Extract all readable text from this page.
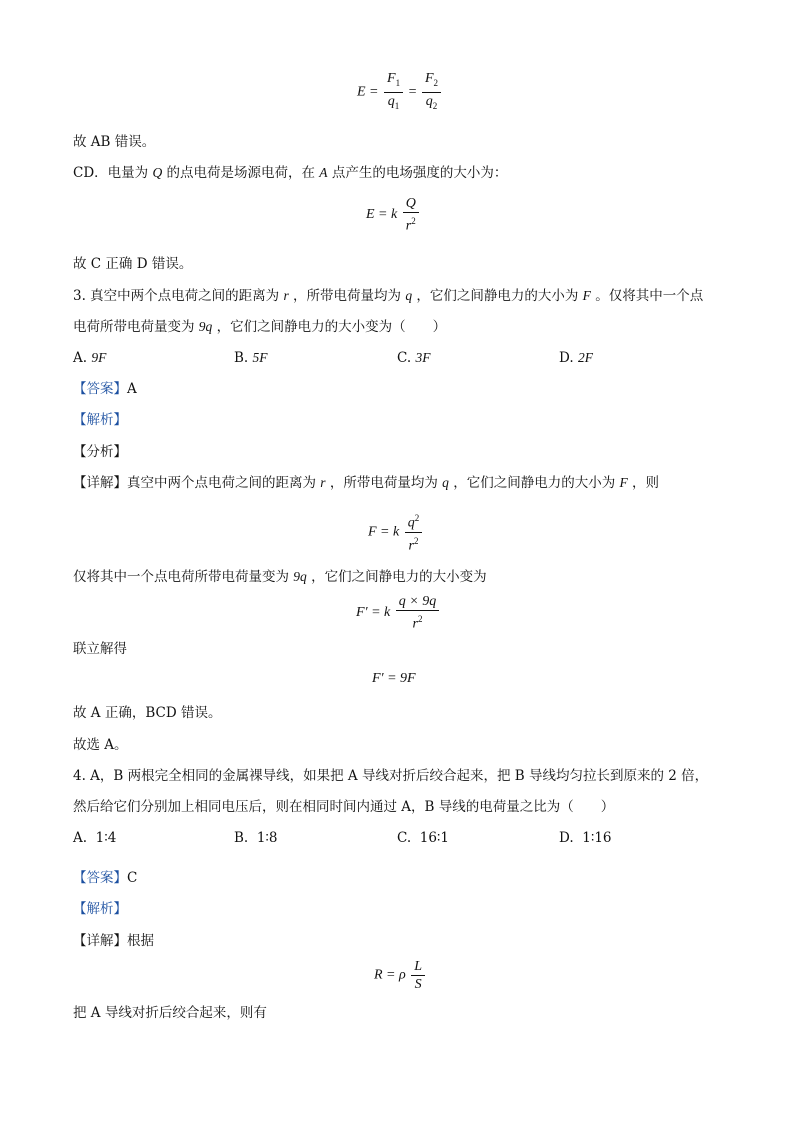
$E = \frac{F_1}{q_1} = \frac{F_2}{q_2}$
故 AB 错误。
CD．电量为 Q 的点电荷是场源电荷，在 A 点产生的电场强度的大小为：
E = k $\frac{Q}{r^2}$
故 C 正确 D 错误。
3. 真空中两个点电荷之间的距离为 r ，所带电荷量均为 q ，它们之间静电力的大小为 F 。仅将其中一个点
电荷所带电荷量变为 9q ，它们之间静电力的大小变为（　　）
A. 9F	B. 5F	C. 3F	D. 2F
【答案】A
【解析】
【分析】
【详解】真空中两个点电荷之间的距离为 r ，所带电荷量均为 q ，它们之间静电力的大小为 F ，则
F = k $\frac{q^2}{r^2}$
仅将其中一个点电荷所带电荷量变为 9q ，它们之间静电力的大小变为
F′ = k $\frac{q \times 9q}{r^2}$
联立解得
F′ = 9F
故 A 正确，BCD 错误。
故选 A。
4. A，B 两根完全相同的金属裸导线，如果把 A 导线对折后绞合起来，把 B 导线均匀拉长到原来的 2 倍，
然后给它们分别加上相同电压后，则在相同时间内通过 A，B 导线的电荷量之比为（　　）
A. 1∶4	B. 1∶8	C. 16∶1	D. 1∶16
【答案】C
【解析】
【详解】根据
R = ρ $\frac{L}{S}$
把 A 导线对折后绞合起来，则有
